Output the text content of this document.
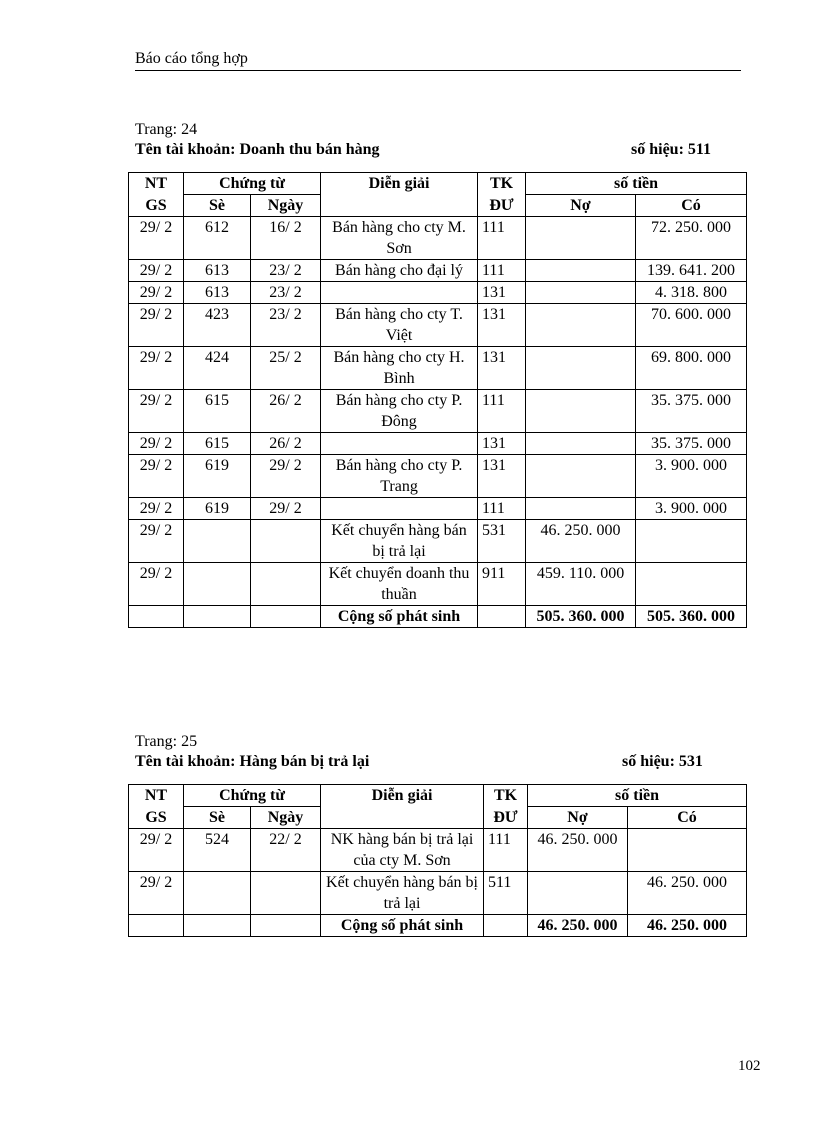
Báo cáo tổng hợp
Trang: 24
Tên tài khoản: Doanh thu bán hàng	số hiệu: 511
NT	Chứng từ		Diễn giải	TK	số tiền	
GS	Sè	Ngày		ĐƯ	Nợ	Có
29/ 2	612	16/ 2	Bán hàng cho cty M. Sơn	111		72. 250. 000
29/ 2	613	23/ 2	Bán hàng cho đại lý	111		139. 641. 200
29/ 2	613	23/ 2		131		4. 318. 800
29/ 2	423	23/ 2	Bán hàng cho cty T. Việt	131		70. 600. 000
29/ 2	424	25/ 2	Bán hàng cho cty H. Bình	131		69. 800. 000
29/ 2	615	26/ 2	Bán hàng cho cty P. Đông	111		35. 375. 000
29/ 2	615	26/ 2		131		35. 375. 000
29/ 2	619	29/ 2	Bán hàng cho cty P. Trang	131		3. 900. 000
29/ 2	619	29/ 2		111		3. 900. 000
29/ 2			Kết chuyển hàng bán bị trả lại	531	46. 250. 000	
29/ 2			Kết chuyển doanh thu thuần	911	459. 110. 000	
			Cộng số phát sinh		505. 360. 000	505. 360. 000
Trang: 25
Tên tài khoản: Hàng bán bị trả lại	số hiệu: 531
NT	Chứng từ		Diễn giải	TK	số tiền	
GS	Sè	Ngày		ĐƯ	Nợ	Có
29/ 2	524	22/ 2	NK hàng bán bị trả lại của cty M. Sơn	111	46. 250. 000	
29/ 2			Kết chuyển hàng bán bị trả lại	511		46. 250. 000
			Cộng số phát sinh		46. 250. 000	46. 250. 000
102
